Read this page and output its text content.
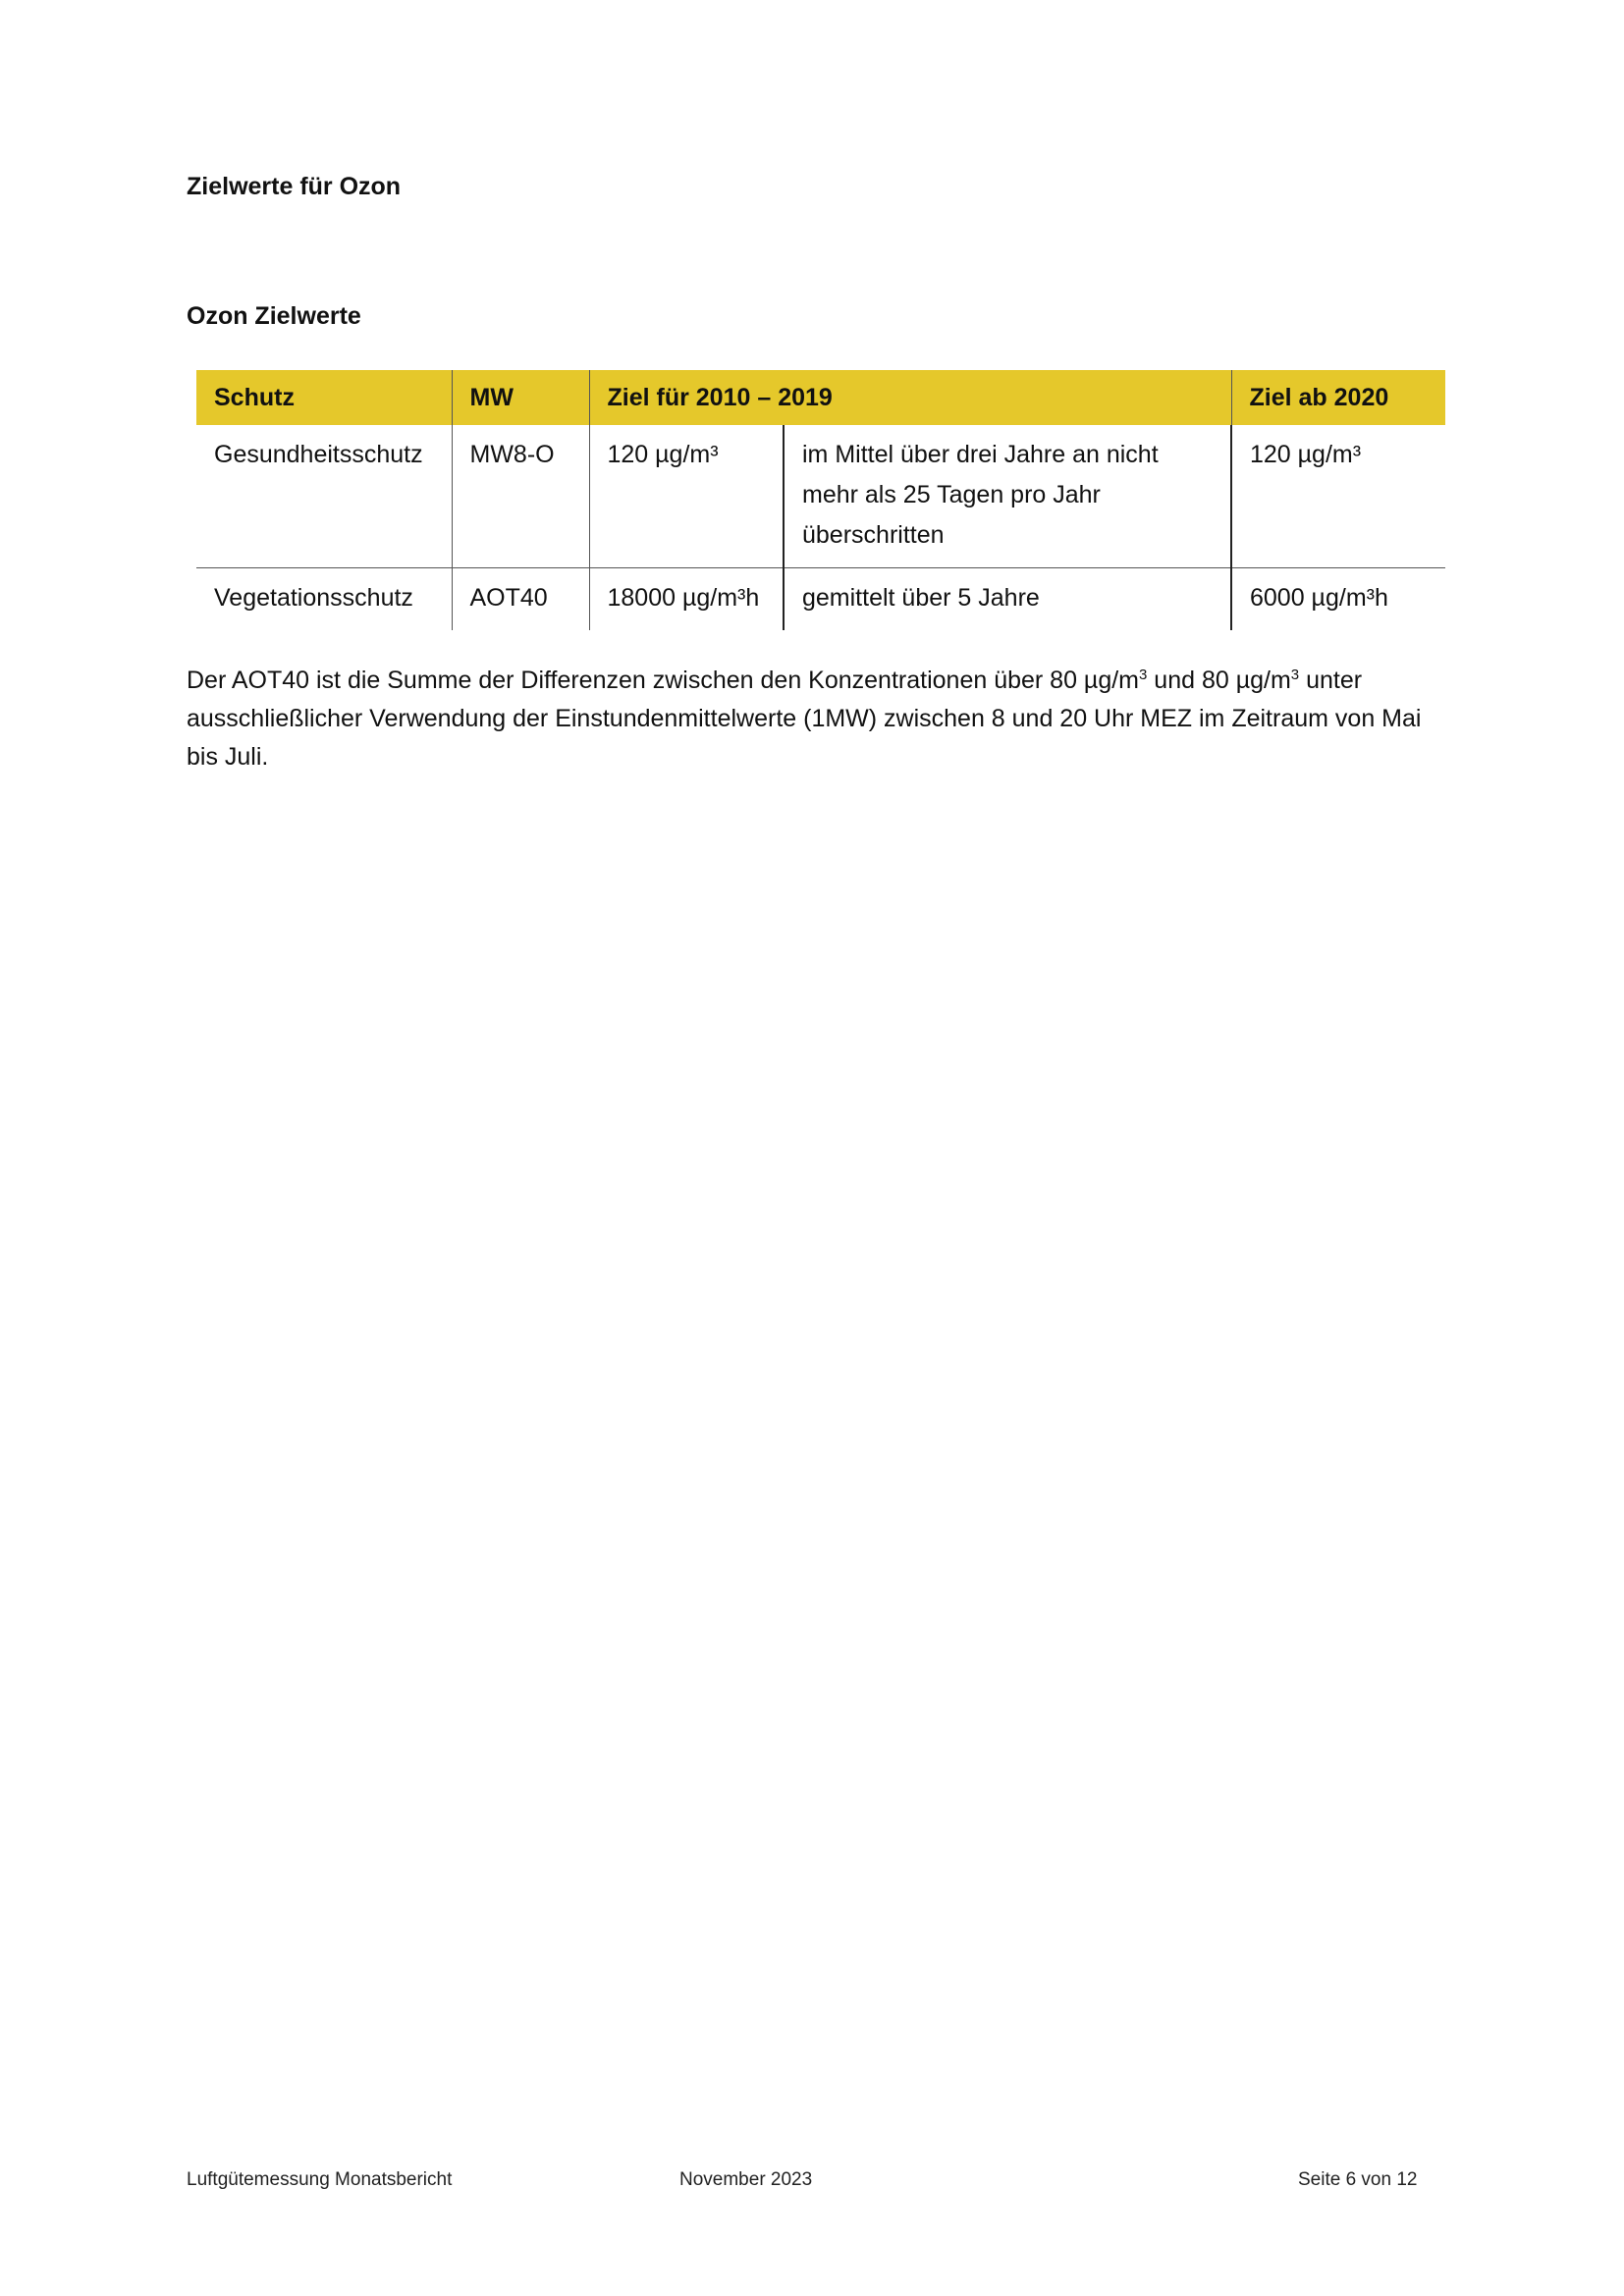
Zielwerte für Ozon
Ozon Zielwerte
Schutz	MW	Ziel für 2010 – 2019		Ziel ab 2020
Gesundheitsschutz	MW8-O	120 µg/m³	im Mittel über drei Jahre an nicht mehr als 25 Tagen pro Jahr überschritten	120 µg/m³
Vegetationsschutz	AOT40	18000 µg/m³h	gemittelt über 5 Jahre	6000 µg/m³h

Der AOT40 ist die Summe der Differenzen zwischen den Konzentrationen über 80 $\mu g/m^3$ und 80 $\mu g/m^3$ unter ausschließlicher Verwendung der Einstundenmittelwerte (1MW) zwischen 8 und 20 Uhr MEZ im Zeitraum von Mai bis Juli.

Luftgütemessung Monatsbericht	November 2023	Seite 6 von 12
